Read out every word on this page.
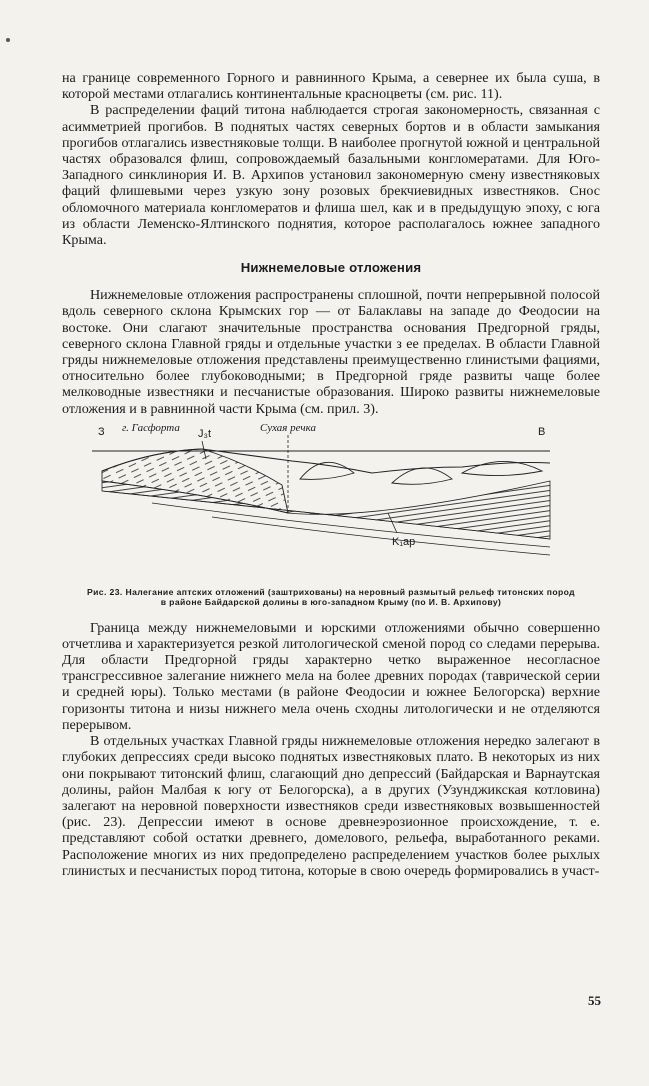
на границе современного Горного и равнинного Крыма, а севернее их была суша, в которой местами отлагались континентальные красноцветы (см. рис. 11).

В распределении фаций титона наблюдается строгая закономерность, связанная с асимметрией прогибов. В поднятых частях северных бортов и в области замыкания прогибов отлагались известняковые толщи. В наиболее прогнутой южной и центральной частях образовался флиш, сопровождаемый базальными конгломератами. Для Юго-Западного синклинория И. В. Архипов установил закономерную смену известняковых фаций флишевыми через узкую зону розовых брекчиевидных известняков. Снос обломочного материала конгломератов и флиша шел, как и в предыдущую эпоху, с юга из области Леменско-Ялтинского поднятия, которое располагалось южнее западного Крыма.

Нижнемеловые отложения

Нижнемеловые отложения распространены сплошной, почти непрерывной полосой вдоль северного склона Крымских гор — от Балаклавы на западе до Феодосии на востоке. Они слагают значительные пространства основания Предгорной гряды, северного склона Главной гряды и отдельные участки з ее пределах. В области Главной гряды нижнемеловые отложения представлены преимущественно глинистыми фациями, относительно более глубоководными; в Предгорной гряде развиты чаще более мелководные известняки и песчанистые образования. Широко развиты нижнемеловые отложения и в равнинной части Крыма (см. прил. 3).

З г. Гасфорта J₃t	Сухая речка	В
K₁ap
Рис. 23. Налегание аптских отложений (заштрихованы) на неровный размытый рельеф титонских пород в районе Байдарской долины в юго-западном Крыму (по И. В. Архипову)

Граница между нижнемеловыми и юрскими отложениями обычно совершенно отчетлива и характеризуется резкой литологической сменой пород со следами перерыва. Для области Предгорной гряды характерно четко выраженное несогласное трансгрессивное залегание нижнего мела на более древних породах (таврической серии и средней юры). Только местами (в районе Феодосии и южнее Белогорска) верхние горизонты титона и низы нижнего мела очень сходны литологически и не отделяются перерывом.

В отдельных участках Главной гряды нижнемеловые отложения нередко залегают в глубоких депрессиях среди высоко поднятых известняковых плато. В некоторых из них они покрывают титонский флиш, слагающий дно депрессий (Байдарская и Варнаутская долины, район Малбая к югу от Белогорска), а в других (Узунджикская котловина) залегают на неровной поверхности известняков среди известняковых возвышенностей (рис. 23). Депрессии имеют в основе древнеэрозионное происхождение, т. е. представляют собой остатки древнего, домелового, рельефа, выработанного реками. Расположение многих из них предопределено распределением участков более рыхлых глинистых и песчанистых пород титона, которые в свою очередь формировались в участ-

55
